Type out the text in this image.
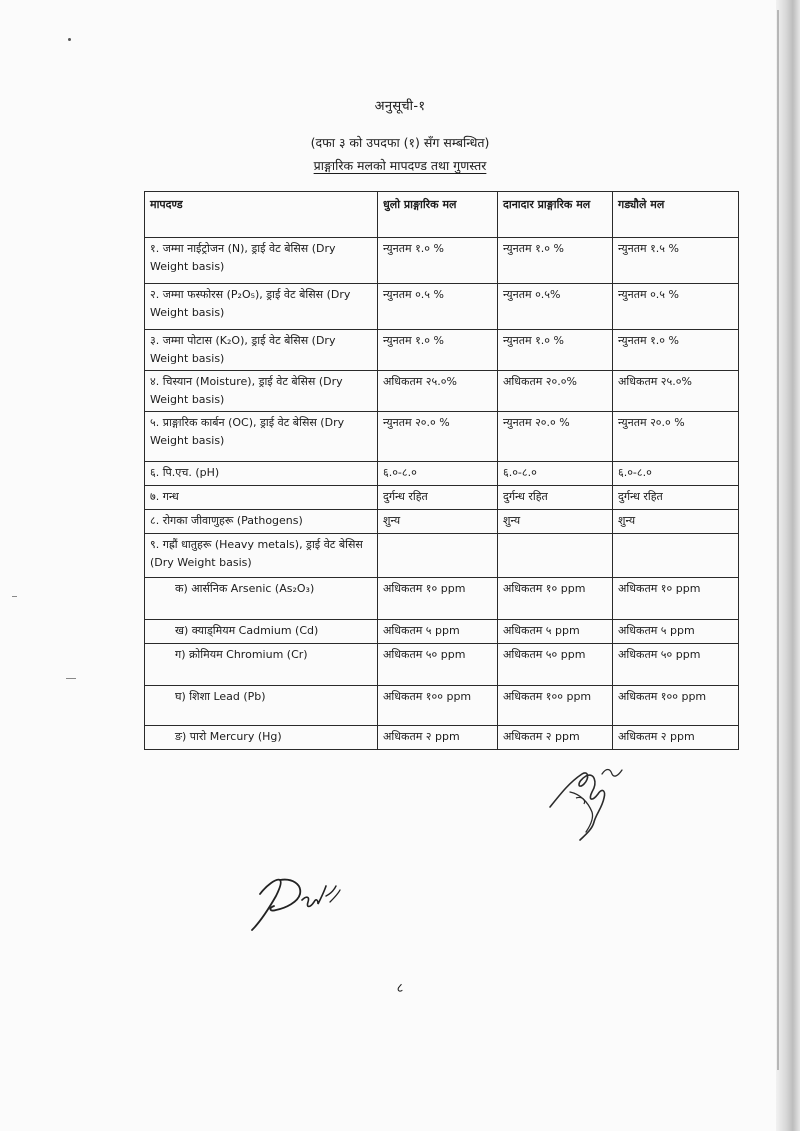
अनुसूची-१
(दफा ३ को उपदफा (१) सँग सम्बन्धित)
प्राङ्गारिक मलको मापदण्ड तथा गुणस्तर
मापदण्ड	धुलो प्राङ्गारिक मल	दानादार प्राङ्गारिक मल	गड्यौले मल
१. जम्मा नाईट्रोजन (N), ड्राई वेट बेसिस (Dry Weight basis)	न्युनतम १.० %	न्युनतम १.० %	न्युनतम १.५ %
२. जम्मा फस्फोरस (P₂O₅), ड्राई वेट बेसिस (Dry Weight basis)	न्युनतम ०.५ %	न्युनतम ०.५%	न्युनतम ०.५ %
३. जम्मा पोटास (K₂O), ड्राई वेट बेसिस (Dry Weight basis)	न्युनतम १.० %	न्युनतम १.० %	न्युनतम १.० %
४. चिस्यान (Moisture), ड्राई वेट बेसिस (Dry Weight basis)	अधिकतम २५.०%	अधिकतम २०.०%	अधिकतम २५.०%
५. प्राङ्गारिक कार्बन (OC), ड्राई वेट बेसिस (Dry Weight basis)	न्युनतम २०.० %	न्युनतम २०.० %	न्युनतम २०.० %
६. पि.एच. (pH)	६.०-८.०	६.०-८.०	६.०-८.०
७. गन्ध	दुर्गन्ध रहित	दुर्गन्ध रहित	दुर्गन्ध रहित
८. रोगका जीवाणुहरू (Pathogens)	शुन्य	शुन्य	शुन्य
९. गह्रौं धातुहरू (Heavy metals), ड्राई वेट बेसिस (Dry Weight basis)			
क) आर्सनिक Arsenic (As₂O₃)	अधिकतम १० ppm	अधिकतम १० ppm	अधिकतम १० ppm
ख) क्याड्मियम Cadmium (Cd)	अधिकतम ५ ppm	अधिकतम ५ ppm	अधिकतम ५ ppm
ग) क्रोमियम Chromium (Cr)	अधिकतम ५० ppm	अधिकतम ५० ppm	अधिकतम ५० ppm
घ) शिशा Lead (Pb)	अधिकतम १०० ppm	अधिकतम १०० ppm	अधिकतम १०० ppm
ङ) पारो Mercury (Hg)	अधिकतम २ ppm	अधिकतम २ ppm	अधिकतम २ ppm
८
